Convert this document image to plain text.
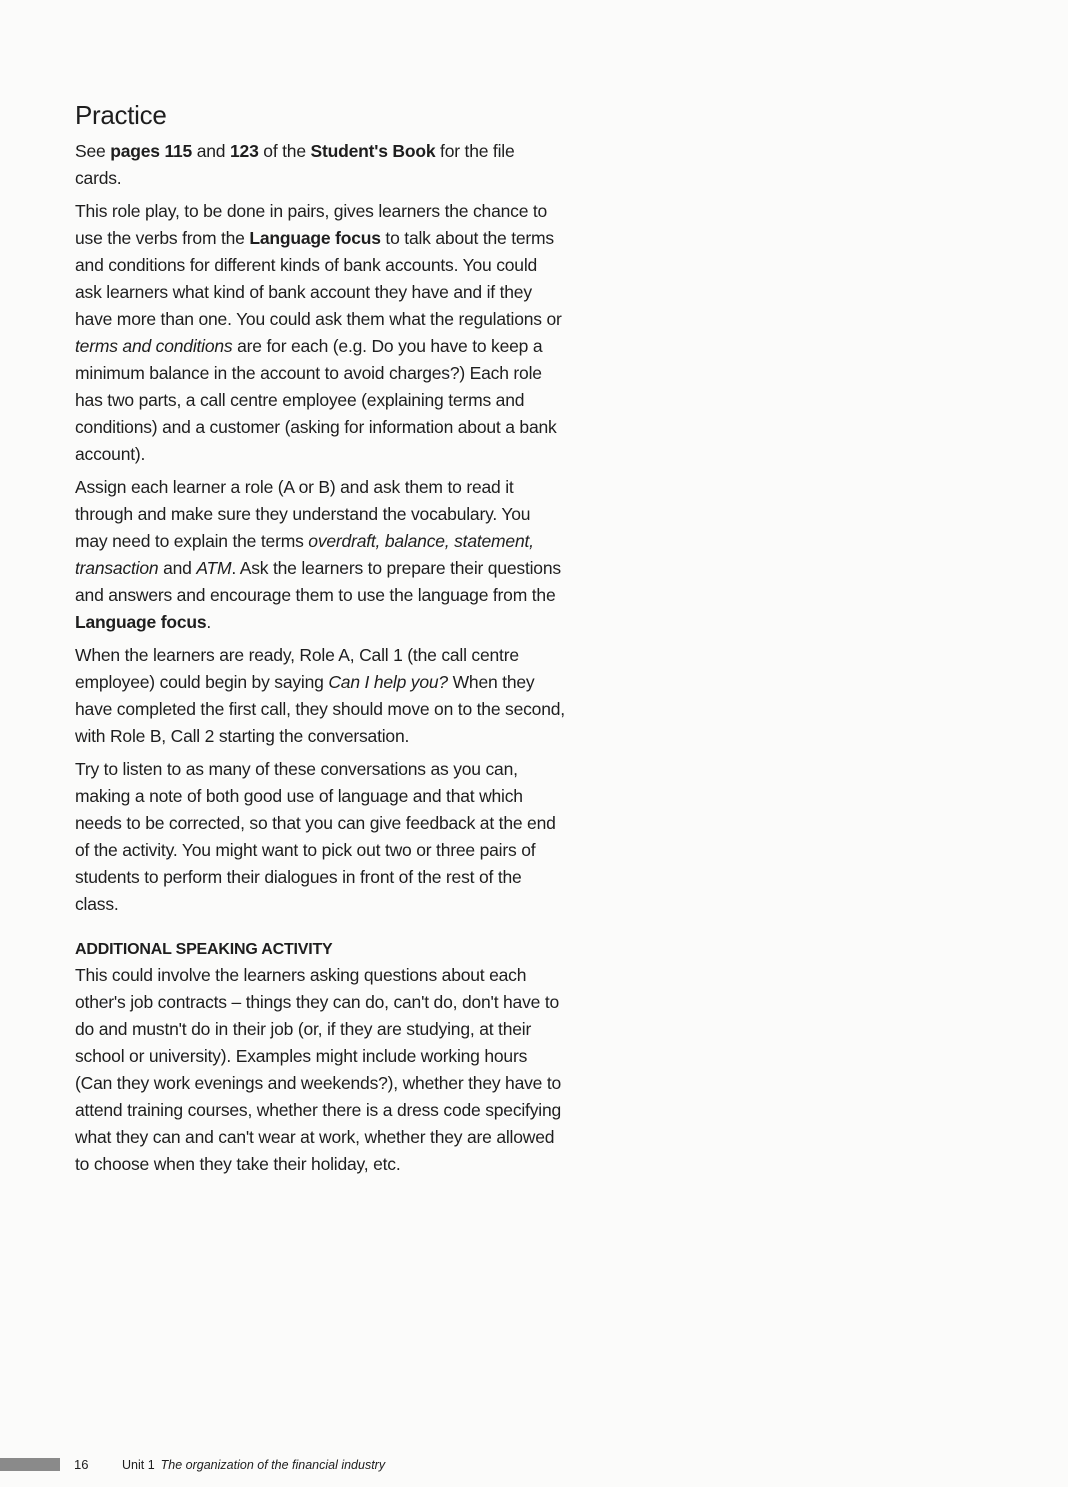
Practice

See pages 115 and 123 of the Student's Book for the file cards.

This role play, to be done in pairs, gives learners the chance to use the verbs from the Language focus to talk about the terms and conditions for different kinds of bank accounts. You could ask learners what kind of bank account they have and if they have more than one. You could ask them what the regulations or terms and conditions are for each (e.g. Do you have to keep a minimum balance in the account to avoid charges?) Each role has two parts, a call centre employee (explaining terms and conditions) and a customer (asking for information about a bank account).

Assign each learner a role (A or B) and ask them to read it through and make sure they understand the vocabulary. You may need to explain the terms overdraft, balance, statement, transaction and ATM. Ask the learners to prepare their questions and answers and encourage them to use the language from the Language focus.

When the learners are ready, Role A, Call 1 (the call centre employee) could begin by saying Can I help you? When they have completed the first call, they should move on to the second, with Role B, Call 2 starting the conversation.

Try to listen to as many of these conversations as you can, making a note of both good use of language and that which needs to be corrected, so that you can give feedback at the end of the activity. You might want to pick out two or three pairs of students to perform their dialogues in front of the rest of the class.

ADDITIONAL SPEAKING ACTIVITY

This could involve the learners asking questions about each other's job contracts – things they can do, can't do, don't have to do and mustn't do in their job (or, if they are studying, at their school or university). Examples might include working hours (Can they work evenings and weekends?), whether they have to attend training courses, whether there is a dress code specifying what they can and can't wear at work, whether they are allowed to choose when they take their holiday, etc.

16	Unit 1 The organization of the financial industry
